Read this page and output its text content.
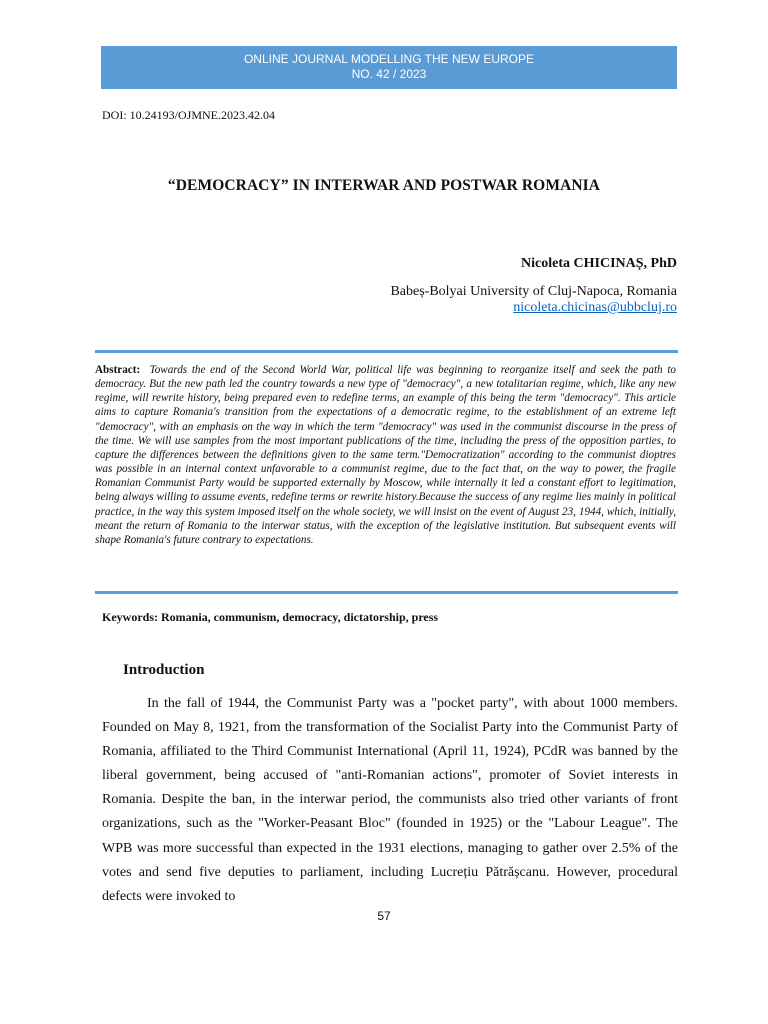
ONLINE JOURNAL MODELLING THE NEW EUROPE
NO. 42 / 2023
DOI: 10.24193/OJMNE.2023.42.04
“DEMOCRACY” IN INTERWAR AND POSTWAR ROMANIA
Nicoleta CHICINAȘ, PhD
Babeș-Bolyai University of Cluj-Napoca, Romania
nicoleta.chicinas@ubbcluj.ro
Abstract: Towards the end of the Second World War, political life was beginning to reorganize itself and seek the path to democracy. But the new path led the country towards a new type of "democracy", a new totalitarian regime, which, like any new regime, will rewrite history, being prepared even to redefine terms, an example of this being the term "democracy". This article aims to capture Romania's transition from the expectations of a democratic regime, to the establishment of an extreme left "democracy", with an emphasis on the way in which the term "democracy" was used in the communist discourse in the press of the time. We will use samples from the most important publications of the time, including the press of the opposition parties, to capture the differences between the definitions given to the same term."Democratization" according to the communist dioptres was possible in an internal context unfavorable to a communist regime, due to the fact that, on the way to power, the fragile Romanian Communist Party would be supported externally by Moscow, while internally it led a constant effort to legitimation, being always willing to assume events, redefine terms or rewrite history.Because the success of any regime lies mainly in political practice, in the way this system imposed itself on the whole society, we will insist on the event of August 23, 1944, which, initially, meant the return of Romania to the interwar status, with the exception of the legislative institution. But subsequent events will shape Romania's future contrary to expectations.
Keywords: Romania, communism, democracy, dictatorship, press
Introduction

In the fall of 1944, the Communist Party was a "pocket party", with about 1000 members. Founded on May 8, 1921, from the transformation of the Socialist Party into the Communist Party of Romania, affiliated to the Third Communist International (April 11, 1924), PCdR was banned by the liberal government, being accused of "anti-Romanian actions", promoter of Soviet interests in Romania. Despite the ban, in the interwar period, the communists also tried other variants of front organizations, such as the "Worker-Peasant Bloc" (founded in 1925) or the "Labour League". The WPB was more successful than expected in the 1931 elections, managing to gather over 2.5% of the votes and send five deputies to parliament, including Lucrețiu Pătrășcanu. However, procedural defects were invoked to

57
